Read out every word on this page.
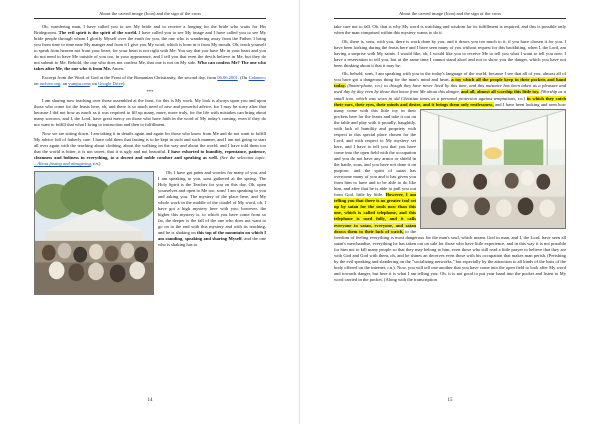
About the carved image (Icon) and the sign of the cross

Oh, wandering man, I have called you to see My bride and to receive a longing for the bride who waits for His Bridegroom. The evil spirit is the spirit of the world. I have called you to see My image and I have called you to see My bride people through whom I glorify Myself over the earth for you, the one who is wandering away from the Father. I bring you from time to time near My manger and from it I give you My word, which is born in it from My mouth. Oh, teach yourself to speak from heaven not from your heart, for your heart is not right with Me. You say that you have Me in your heart and you do not need to have Me outside of you too, in your appearance, and I tell you that even the devils believe in Me, but they do not submit to Me. Behold, the one who does not confess Me, that one is not on My side. Who can confess Me? The one who takes after Me, the one who is from Me. Amen.

Excerpt from the Word of God at the Feast of the Romanian Christianity, the second day, from 06.06.2001. (On Calameo; on archive.org; on yumpu.com; on Google Drive)

***

I am sharing now teaching over those assembled at the feast, for this is My work. My look is always upon you and upon those who come for the feasts here, oh, and there is so much need of new and powerful advice, for I may be sorry after that because I did not bow as much as it was required to fill up many, more, more truly, for the life with mistakes can bring about many sorrows, and I, the Lord, have great mercy on those who have faith in the word of My today's coming, even if they do not want to fulfill that what I bring to instruction and then to fulfillment.

Now we are sitting down. I am taking it in details again and again for those who know from Me and do not want to fulfill My advice full of fatherly care. I have told them that fasting is to be kept in such and such manner, and I am not going to start all over again with the teaching about clothing, about the walking on the way and about the world, and I have told them too that the world is bitter, it is not sweet, that it is ugly and not beautiful. I have exhorted to humility, repentance, patience, cleanness and holiness in everything, to a decent and noble conduct and speaking as well. (See the selection topic: ...About fasting and almsgiving, r.n.)

Oh, I have got pains and worries for many of you, and I am speaking to you, sons gathered at the spring. The Holy Spirit is the Teacher for you on this day. Oh, open yourselves and open to Me too, sons! I am speaking to you and asking you. The mystery of the place here, and My whole work in the middle of the citadel of My word, oh, I have got a high mystery here with you; however, the higher this mystery is, to which you have come from so far, the deeper is the fall of the one who does not want to go on to the end with this mystery and with its teaching, and he is shaking on this top of the mountain on which I am standing, speaking and sharing Myself, and the one who is shaking has to

14
About the carved image (Icon) and the sign of the cross

take care not to fall. Oh, that is why My word is watching and wisdom for its fulfillment is required, and this is possible only when the man comprised within this mystery wants to do it.

Oh, there is, sons, with you, there is work done by you, and it draws you too much to it, if you have chosen it for you. I have been looking during the feasts here and I have seen many of you without request for this backbiting, when I, the Lord, am having a surprise with My saints. I would like, oh, I would like you to receive Me to tell you what I want to tell you now. I have a reservation to tell you, but at the same time I cannot stand aloof and not to show you the danger, which you have not been thinking about it that it may be.

Oh, behold, sons, I am speaking with you in the today's language of the world, because I see that all of you, almost all of you have got a dangerous thing for the man's mind and heart, a toy which all the people keep in their pockets and hand today. (Smart-phone, r.n.) so though they have never lived by this time, and this nuisance has been taken as a pleasure and used day by day even by those that know from Me about this danger, and all, almost all worship this little toy. (Worship as a small icon, which was worn in old Christian times as a personal protection against temptations, r.n.) in which they catch their ears, their eyes, their minds and desire, and it brings them only restlessness,
and I have been looking and seen how many come with this little toy in their pockets here for the feasts and take it out on the table and play with it proudly, haughtily, with lack of humility and propriety with respect to this special place chosen for the Lord, and with respect to My mystery set here, and I have to tell you that you have come into the open field with the occupation and you do not have any armor or shield in the battle, sons, and you have not done it on purpose, and the spirit of satan has overcome many of you and it has given you from him to have and to be able to do like him, and after that he is able to pull you out from God, little by little. However, I am telling you that there is no greater tool set up by satan for the souls now than this one, which is called telephone, and this telephone is used fully, and it calls everyone to satan, everyone, and satan draws them to their lack of watch, to the freedom of feeling everything is most dangerous for the man's soul, which means God in man, and I, the Lord, have seen all satan's merchandise, everything he has taken out on sale for those who have little experience, and in this way it is not possible for him not to kill many people so that they may belong to him, even those who still read a little prayer to believe that they are with God and God with them, oh, and he shines an deceives even those with his occupation that makes man perish. (Perishing by the evil speaking and slandering on the "socializing networks," but especially by the attraction to all kinds of the lusts of the body offered on the internet, r.n.). Now, you will tell one another that you have come into the open field to look after My word and towards danger, but here it is what I am telling you: Oh, it is not good to put your hand into the pocket and listen to My word carried in the pocket, (Along with the transcription

15
